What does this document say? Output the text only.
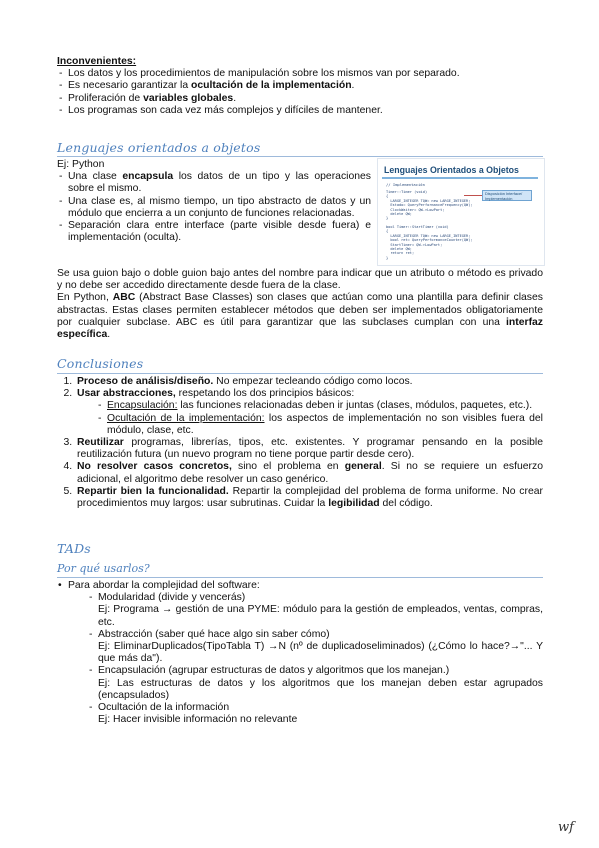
Inconvenientes:
- Los datos y los procedimientos de manipulación sobre los mismos van por separado.
- Es necesario garantizar la ocultación de la implementación.
- Proliferación de variables globales.
- Los programas son cada vez más complejos y difíciles de mantener.
Lenguajes orientados a objetos
Ej: Python
- Una clase encapsula los datos de un tipo y las operaciones sobre el mismo.
- Una clase es, al mismo tiempo, un tipo abstracto de datos y un módulo que encierra a un conjunto de funciones relacionadas.
- Separación clara entre interface (parte visible desde fuera) e implementación (oculta).
Lenguajes Orientados a Objetos
// Implementación
Timer::Timer (void)
{
LARGE_INTEGER TQW= new LARGE_INTEGER;
Estado= QueryPerformanceFrequency(QW);
ClockWaiter= QW->LowPart;
delete QW;
}
Disposición Interface/
Implementación
bool Timer::StartTimer (void)
{
LARGE_INTEGER TQW= new LARGE_INTEGER;
bool ret= QueryPerformanceCounter(QW);
StartTimer= QW->LowPart;
delete QW;
return ret;
}
Se usa guion bajo o doble guion bajo antes del nombre para indicar que un atributo o método es privado y no debe ser accedido directamente desde fuera de la clase.
En Python, ABC (Abstract Base Classes) son clases que actúan como una plantilla para definir clases abstractas. Estas clases permiten establecer métodos que deben ser implementados obligatoriamente por cualquier subclase. ABC es útil para garantizar que las subclases cumplan con una interfaz específica.
Conclusiones
1. Proceso de análisis/diseño. No empezar tecleando código como locos.
2. Usar abstracciones, respetando los dos principios básicos:
- Encapsulación: las funciones relacionadas deben ir juntas (clases, módulos, paquetes, etc.).
- Ocultación de la implementación: los aspectos de implementación no son visibles fuera del módulo, clase, etc.
3. Reutilizar programas, librerías, tipos, etc. existentes. Y programar pensando en la posible reutilización futura (un nuevo program no tiene porque partir desde cero).
4. No resolver casos concretos, sino el problema en general. Si no se requiere un esfuerzo adicional, el algoritmo debe resolver un caso genérico.
5. Repartir bien la funcionalidad. Repartir la complejidad del problema de forma uniforme. No crear procedimientos muy largos: usar subrutinas. Cuidar la legibilidad del código.
TADs
Por qué usarlos?
• Para abordar la complejidad del software:
- Modularidad (divide y vencerás)
Ej: Programa → gestión de una PYME: módulo para la gestión de empleados, ventas, compras, etc.
- Abstracción (saber qué hace algo sin saber cómo)
Ej: EliminarDuplicados(TipoTabla T) →N (nº de duplicadoseliminados) (¿Cómo lo hace?→"... Y que más da").
- Encapsulación (agrupar estructuras de datos y algoritmos que los manejan.)
Ej: Las estructuras de datos y los algoritmos que los manejan deben estar agrupados (encapsulados)
- Ocultación de la información
Ej: Hacer invisible información no relevante
wf
